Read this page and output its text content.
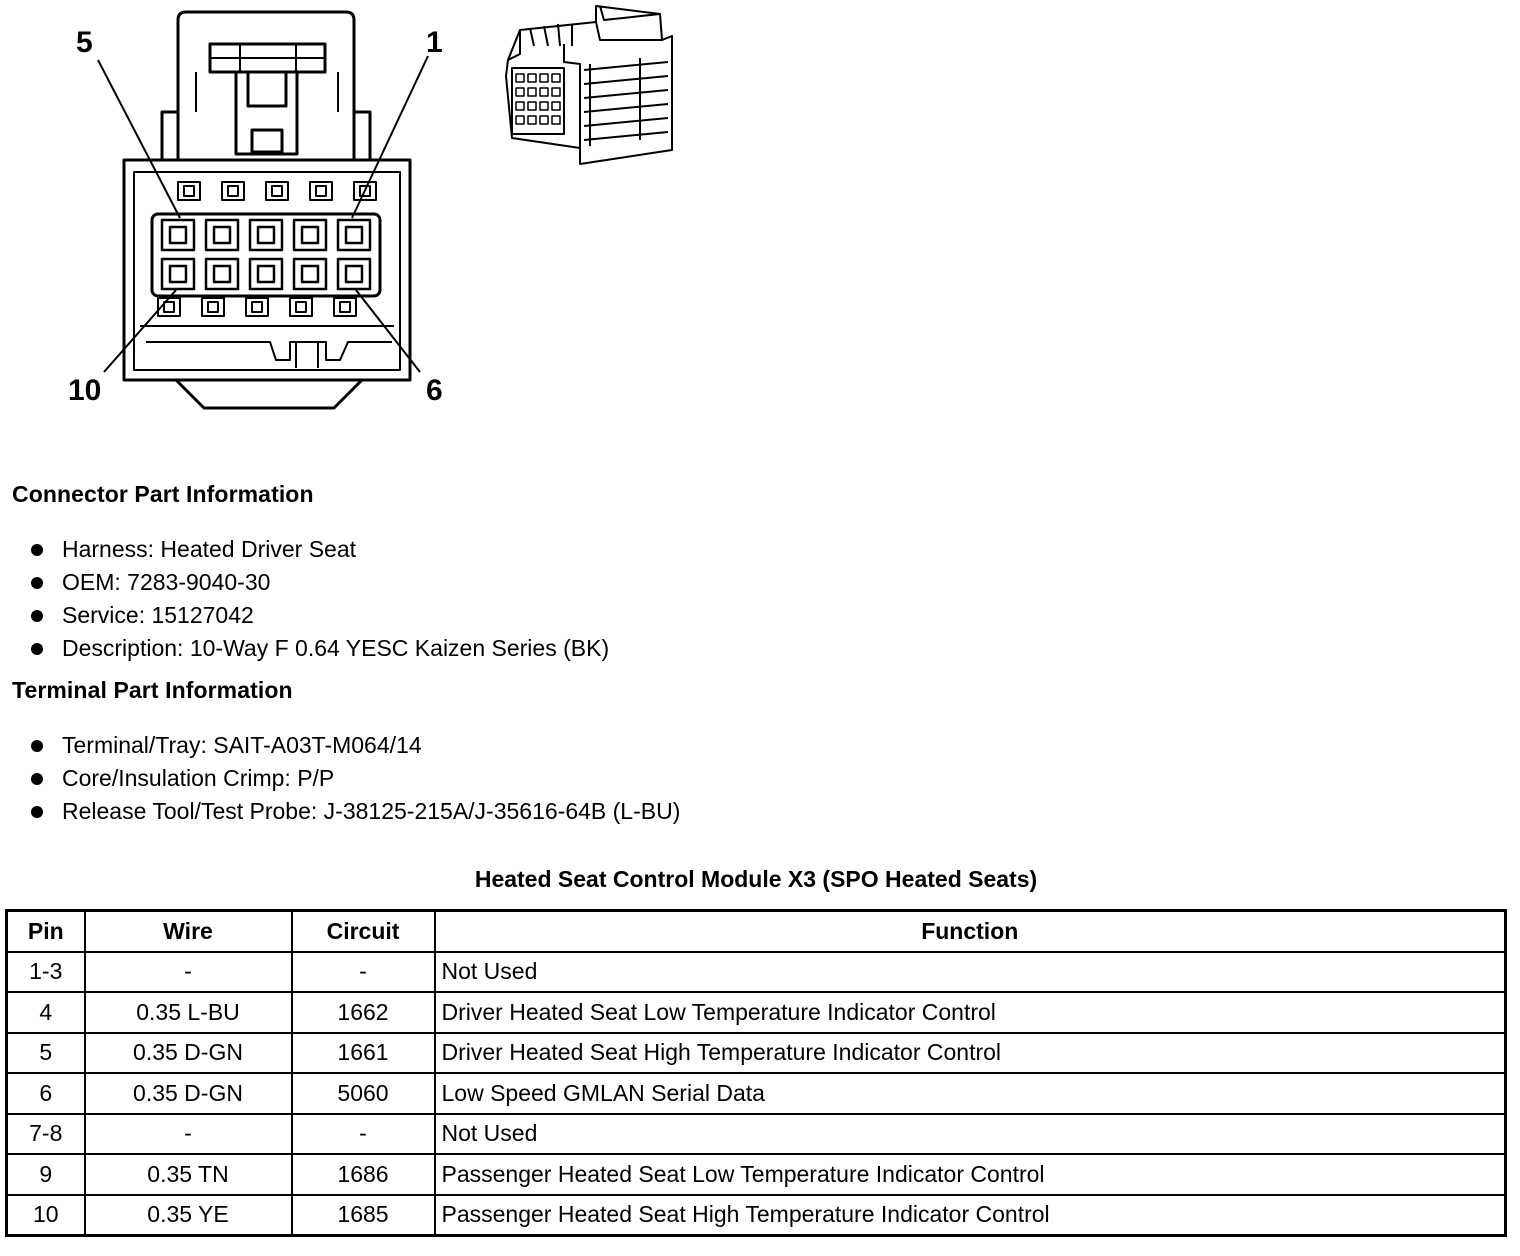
5	1
10	6
Connector Part Information
Harness: Heated Driver Seat
OEM: 7283-9040-30
Service: 15127042
Description: 10-Way F 0.64 YESC Kaizen Series (BK)
Terminal Part Information
Terminal/Tray: SAIT-A03T-M064/14
Core/Insulation Crimp: P/P
Release Tool/Test Probe: J-38125-215A/J-35616-64B (L-BU)
Heated Seat Control Module X3 (SPO Heated Seats)
Pin	Wire	Circuit	Function
1-3	-	-	Not Used
4	0.35 L-BU	1662	Driver Heated Seat Low Temperature Indicator Control
5	0.35 D-GN	1661	Driver Heated Seat High Temperature Indicator Control
6	0.35 D-GN	5060	Low Speed GMLAN Serial Data
7-8	-	-	Not Used
9	0.35 TN	1686	Passenger Heated Seat Low Temperature Indicator Control
10	0.35 YE	1685	Passenger Heated Seat High Temperature Indicator Control
